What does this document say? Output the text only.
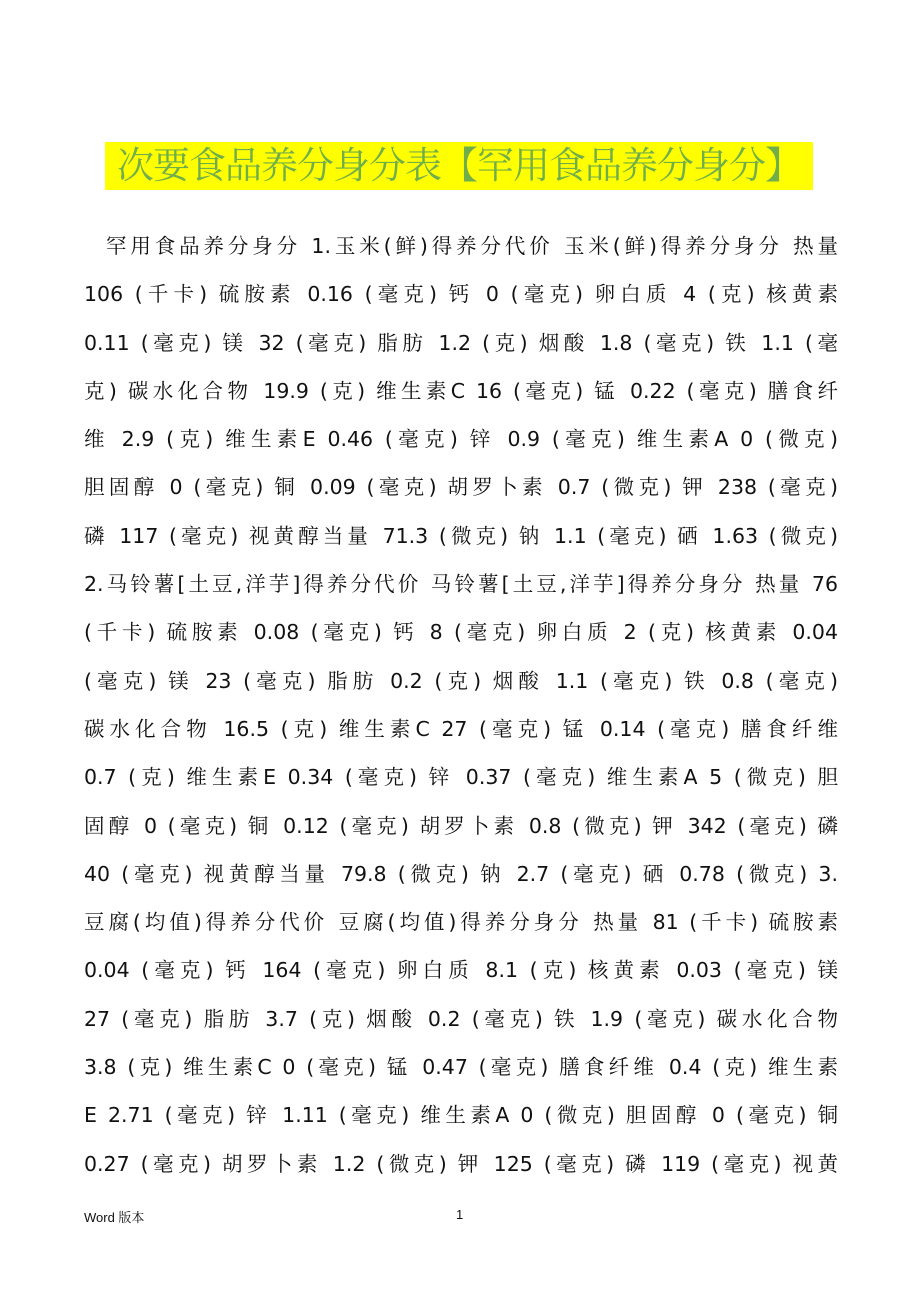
次要食品养分身分表【罕用食品养分身分】
罕用食品养分身分 1.玉米(鲜)得养分代价 玉米(鲜)得养分身分 热量
106 (千卡) 硫胺素 0.16 (毫克) 钙 0 (毫克) 卵白质 4 (克) 核黄素
0.11 (毫克) 镁 32 (毫克) 脂肪 1.2 (克) 烟酸 1.8 (毫克) 铁 1.1 (毫
克) 碳水化合物 19.9 (克) 维生素C 16 (毫克) 锰 0.22 (毫克) 膳食纤
维 2.9 (克) 维生素E 0.46 (毫克) 锌 0.9 (毫克) 维生素A 0 (微克)
胆固醇 0 (毫克) 铜 0.09 (毫克) 胡罗卜素 0.7 (微克) 钾 238 (毫克)
磷 117 (毫克) 视黄醇当量 71.3 (微克) 钠 1.1 (毫克) 硒 1.63 (微克)
2.马铃薯[土豆,洋芋]得养分代价 马铃薯[土豆,洋芋]得养分身分 热量 76
(千卡) 硫胺素 0.08 (毫克) 钙 8 (毫克) 卵白质 2 (克) 核黄素 0.04
(毫克) 镁 23 (毫克) 脂肪 0.2 (克) 烟酸 1.1 (毫克) 铁 0.8 (毫克)
碳水化合物 16.5 (克) 维生素C 27 (毫克) 锰 0.14 (毫克) 膳食纤维
0.7 (克) 维生素E 0.34 (毫克) 锌 0.37 (毫克) 维生素A 5 (微克) 胆
固醇 0 (毫克) 铜 0.12 (毫克) 胡罗卜素 0.8 (微克) 钾 342 (毫克) 磷
40 (毫克) 视黄醇当量 79.8 (微克) 钠 2.7 (毫克) 硒 0.78 (微克) 3.
豆腐(均值)得养分代价 豆腐(均值)得养分身分 热量 81 (千卡) 硫胺素
0.04 (毫克) 钙 164 (毫克) 卵白质 8.1 (克) 核黄素 0.03 (毫克) 镁
27 (毫克) 脂肪 3.7 (克) 烟酸 0.2 (毫克) 铁 1.9 (毫克) 碳水化合物
3.8 (克) 维生素C 0 (毫克) 锰 0.47 (毫克) 膳食纤维 0.4 (克) 维生素
E 2.71 (毫克) 锌 1.11 (毫克) 维生素A 0 (微克) 胆固醇 0 (毫克) 铜
0.27 (毫克) 胡罗卜素 1.2 (微克) 钾 125 (毫克) 磷 119 (毫克) 视黄
Word 版本	1
